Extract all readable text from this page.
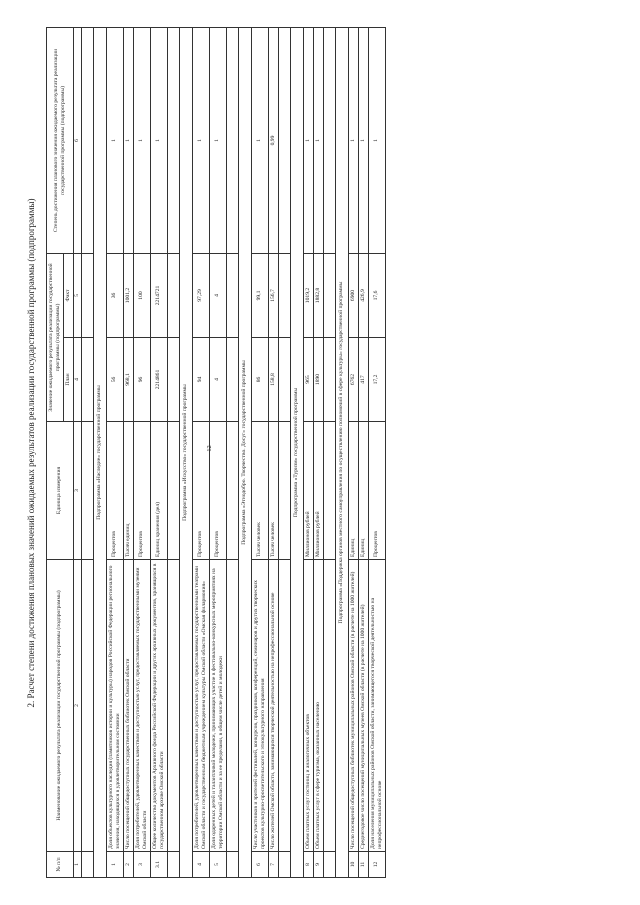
12
2. Расчет степени достижения плановых значений ожидаемых результатов реализации государственной программы (подпрограммы)
№ п/п	Наименование ожидаемого результата реализации государственной программы (подпрограммы)	Единица измерения	Значение ожидаемого результата реализации государственной программы (подпрограммы)		Степень достижения планового значения ожидаемого результата реализации государственной программы (подпрограммы)
			План	Факт	
1	2	3	4	5	6

Подпрограмма «Наследие» государственной программы					
1	Доля объектов культурного наследия (памятников истории и культуры) народов Российской Федерации регионального значения, находящихся в удовлетворительном состоянии	Процентов	56	36	1
2	Число посещений общедоступных государственных библиотек Омской области	Тысяч единиц	968,1	1001,2	1
3	Доля потребителей, удовлетворенных качеством и доступностью услуг, предоставляемых государственными музеями Омской области	Процентов	96	100	1
3.1	Общее количество документов Архивного фонда Российской Федерации и других архивных документов, хранящихся в государственном архиве Омской области	Единиц хранения (дел)	2214861	2214721	1

Подпрограмма «Искусство» государственной программы					
4	Доля потребителей, удовлетворенных качеством и доступностью услуг, предоставляемых государственными театрами Омской области и государственным бюджетным учреждением культуры Омской области «Омская филармония»	Процентов	94	97,29	1
5	Доля одаренных детей и талантливой молодежи, принимающих участие в фестивально-конкурсных мероприятиях на территории Омской области и за ее пределами, в общем числе детей и молодежи	Процентов	4	4	1

Подпрограмма «Этнодобро. Творчество. Досуг» государственной программы					
6	Число участников и зрителей фестивалей, конкурсов, праздников, конференций, семинаров и других творческих проектов культурно-просветительского и этнокультурного направления	Тысяч человек	86	99,1	1
7	Число жителей Омской области, занимающихся творческой деятельностью на непрофессиональной основе	Тысяч человек	158,8	156,7	0,99

Подпрограмма «Туризм» государственной программы					
8	Объем платных услуг гостиниц и аналогичных объектов	Миллионов рублей	965	1019,2	1
9	Объем платных услуг в сфере туризма, оказанных населению	Миллионов рублей	1890	1882,8	1

Подпрограмма «Поддержка органов местного самоуправления по осуществлению полномочий в сфере культуры» государственной программы					
10	Число посещений общедоступных библиотек муниципальных районов Омской области (в расчете на 1000 жителей)	Единиц	6762	6900	1
11	Среднегодовое число посещений муниципальных музеев Омской области (в расчете на 1000 жителей)	Единиц	417	426,9	1
12	Доля населения муниципальных районов Омской области, занимающегося творческой деятельностью на непрофессиональной основе	Процентов	17,2	17,6	1
